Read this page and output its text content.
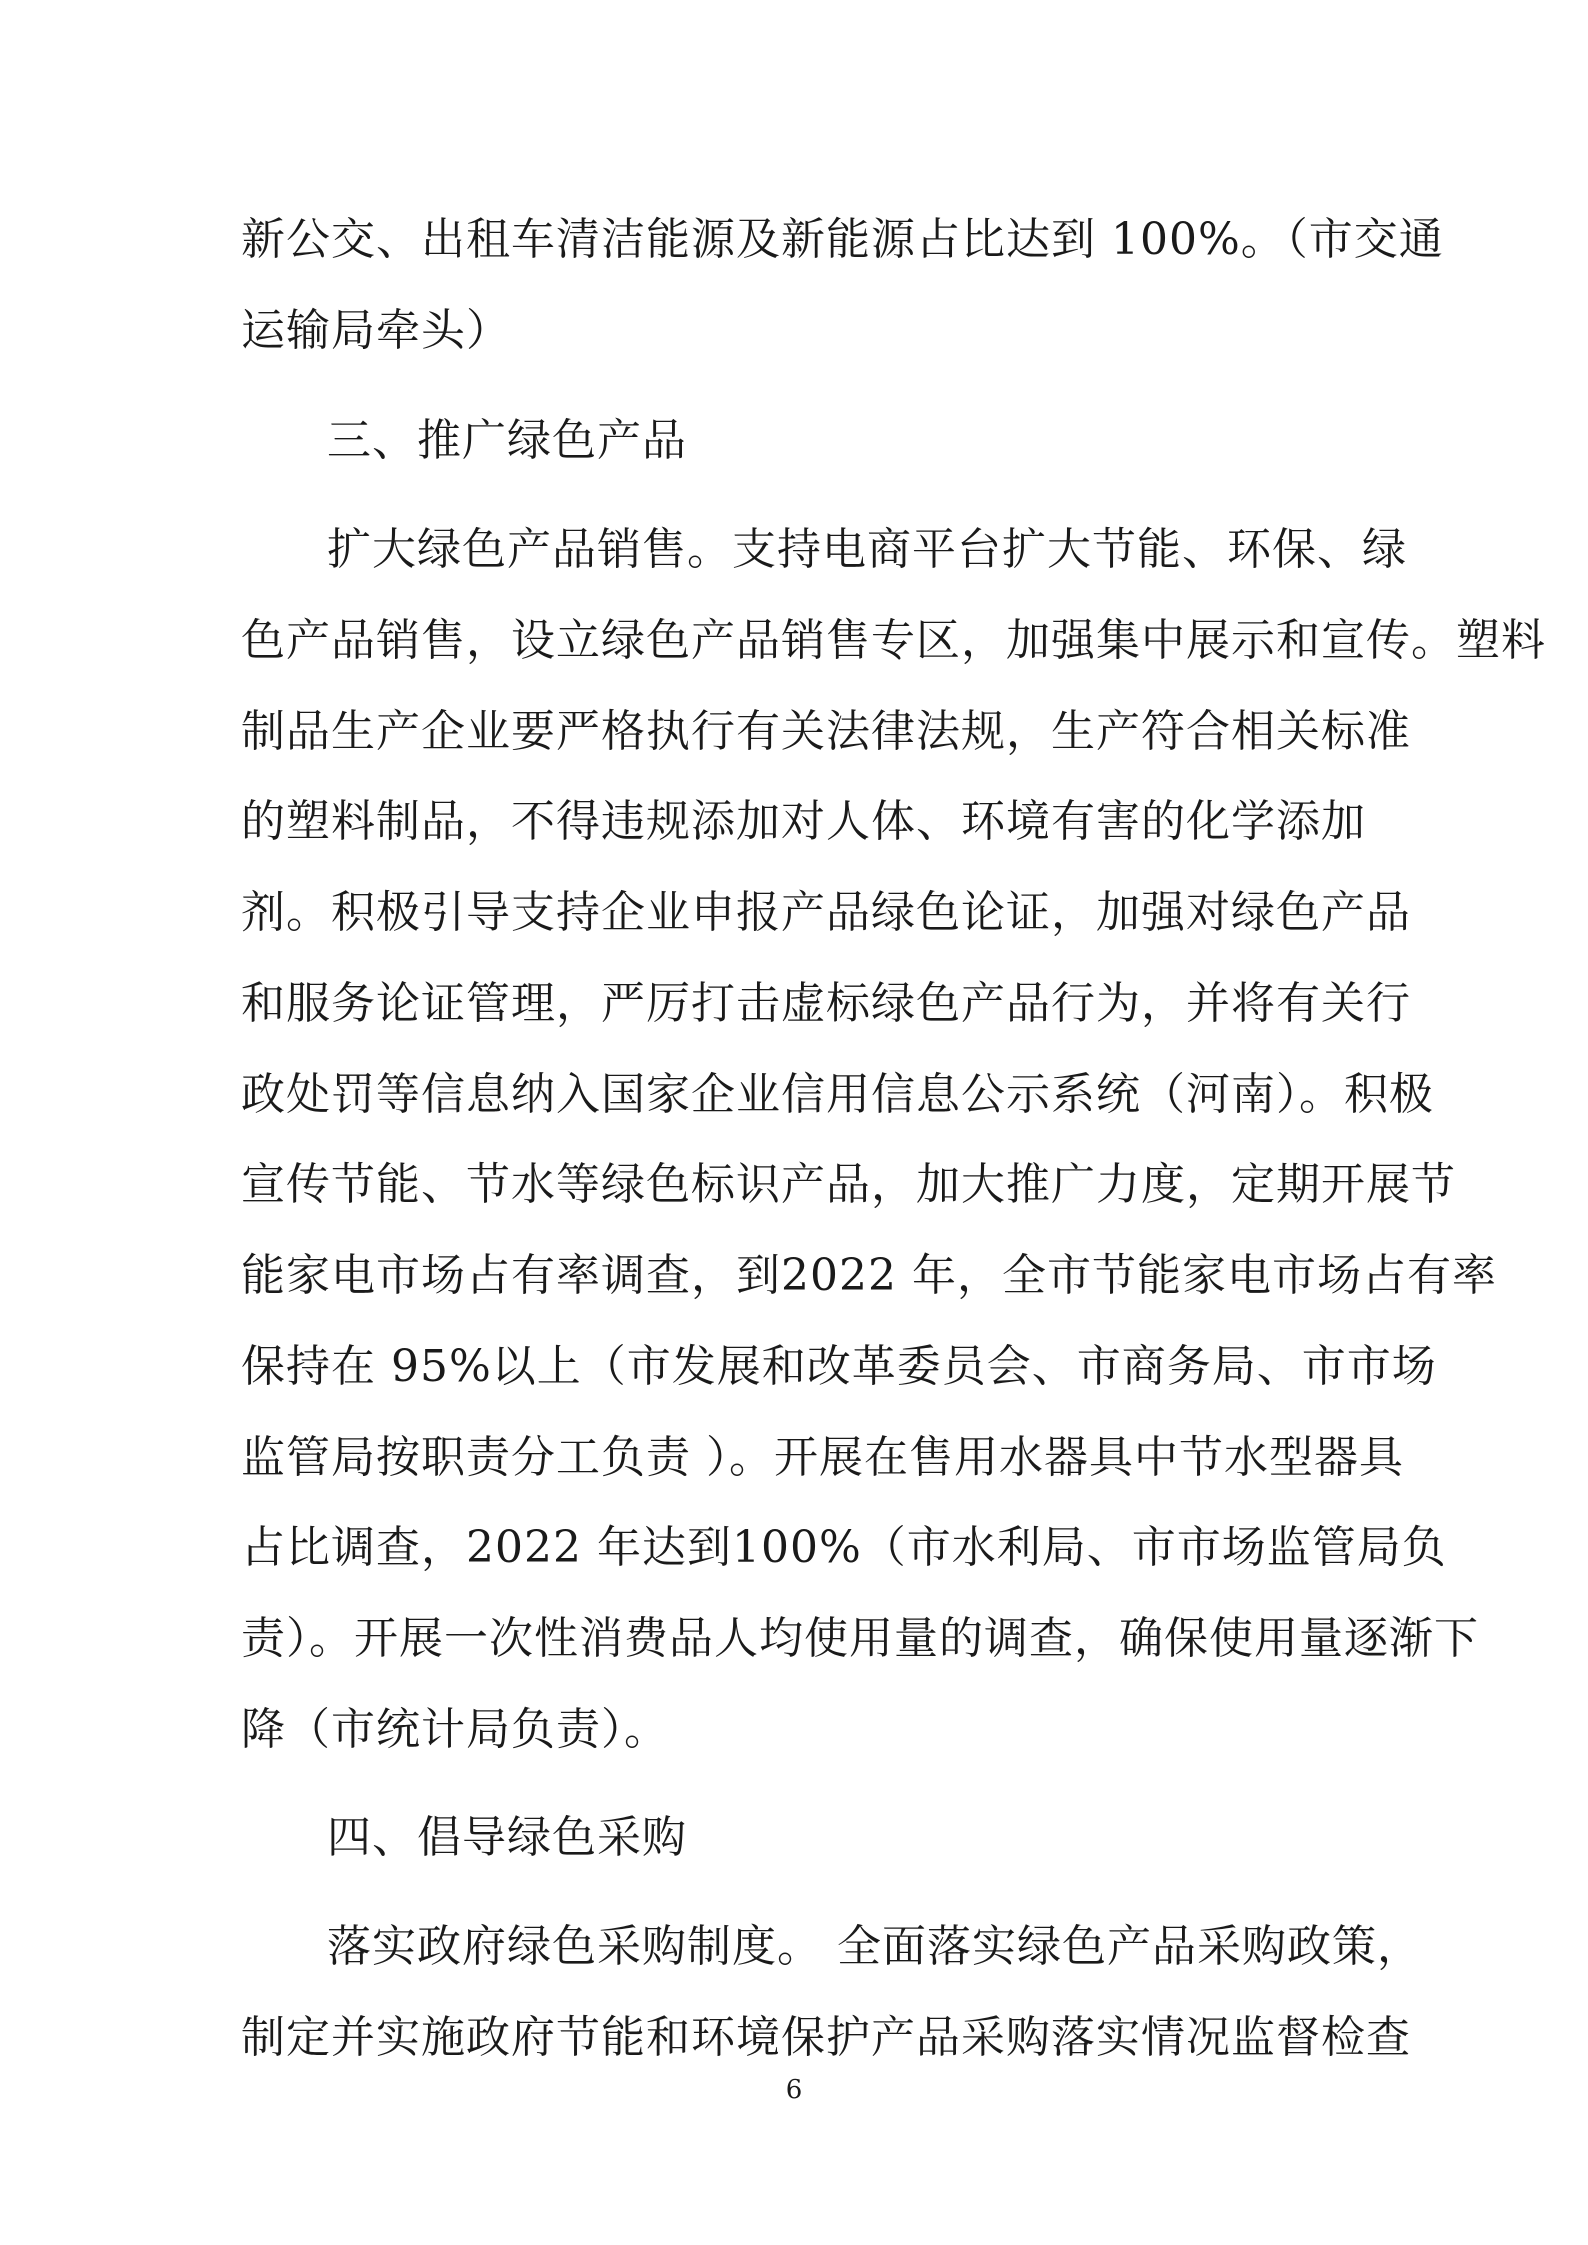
新公交、出租车清洁能源及新能源占比达到 100%。（市交通
运输局牵头）
三、推广绿色产品
扩大绿色产品销售。支持电商平台扩大节能、环保、绿
色产品销售，设立绿色产品销售专区，加强集中展示和宣传。塑料
制品生产企业要严格执行有关法律法规，生产符合相关标准
的塑料制品，不得违规添加对人体、环境有害的化学添加
剂。积极引导支持企业申报产品绿色论证，加强对绿色产品
和服务论证管理，严厉打击虚标绿色产品行为，并将有关行
政处罚等信息纳入国家企业信用信息公示系统（河南）。积极
宣传节能、节水等绿色标识产品，加大推广力度，定期开展节
能家电市场占有率调查，到2022 年，全市节能家电市场占有率
保持在 95%以上（市发展和改革委员会、市商务局、市市场
监管局按职责分工负责 ）。开展在售用水器具中节水型器具
占比调查，2022 年达到100%（市水利局、市市场监管局负
责）。开展一次性消费品人均使用量的调查，确保使用量逐渐下
降（市统计局负责）。
四、倡导绿色采购
落实政府绿色采购制度。 全面落实绿色产品采购政策，
制定并实施政府节能和环境保护产品采购落实情况监督检查
6
